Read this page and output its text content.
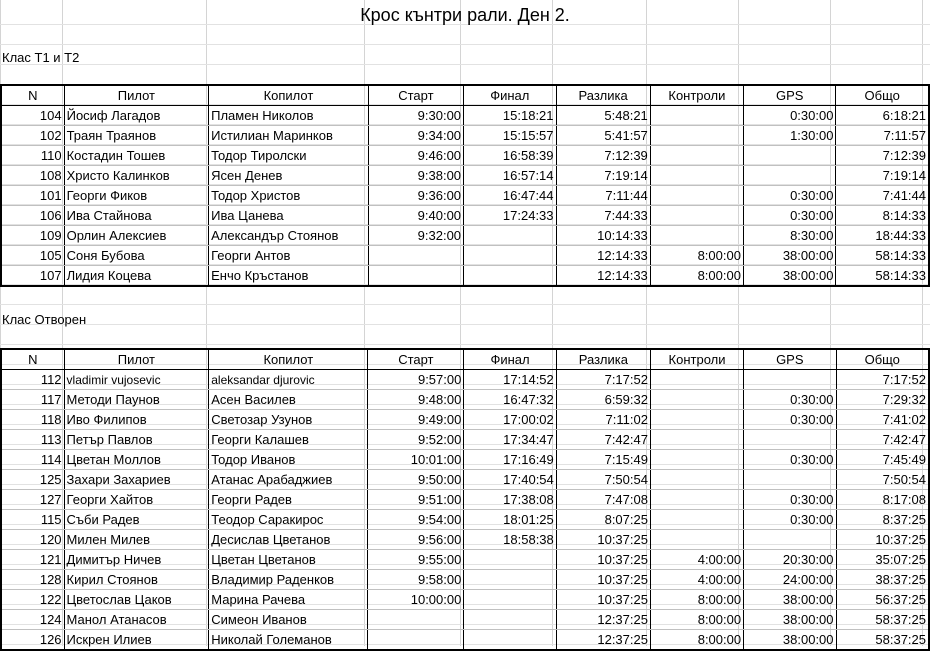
Крос кънтри рали. Ден 2.
Клас Т1 и Т2
N	Пилот	Копилот	Старт	Финал	Разлика	Контроли	GPS	Общо
104	Йосиф Лагадов	Пламен Николов	9:30:00	15:18:21	5:48:21		0:30:00	6:18:21
102	Траян Траянов	Истилиан Маринков	9:34:00	15:15:57	5:41:57		1:30:00	7:11:57
110	Костадин Тошев	Тодор Тиролски	9:46:00	16:58:39	7:12:39			7:12:39
108	Христо Калинков	Ясен Денев	9:38:00	16:57:14	7:19:14			7:19:14
101	Георги Фиков	Тодор Христов	9:36:00	16:47:44	7:11:44		0:30:00	7:41:44
106	Ива Стайнова	Ива Цанева	9:40:00	17:24:33	7:44:33		0:30:00	8:14:33
109	Орлин Алексиев	Александър Стоянов	9:32:00		10:14:33		8:30:00	18:44:33
105	Соня Бубова	Георги Антов			12:14:33	8:00:00	38:00:00	58:14:33
107	Лидия Коцева	Енчо Кръстанов			12:14:33	8:00:00	38:00:00	58:14:33
Клас Отворен
N	Пилот	Копилот	Старт	Финал	Разлика	Контроли	GPS	Общо
112	vladimir vujosevic	aleksandar djurovic	9:57:00	17:14:52	7:17:52			7:17:52
117	Методи Паунов	Асен Василев	9:48:00	16:47:32	6:59:32		0:30:00	7:29:32
118	Иво Филипов	Светозар Узунов	9:49:00	17:00:02	7:11:02		0:30:00	7:41:02
113	Петър Павлов	Георги Калашев	9:52:00	17:34:47	7:42:47			7:42:47
114	Цветан Моллов	Тодор Иванов	10:01:00	17:16:49	7:15:49		0:30:00	7:45:49
125	Захари Захариев	Атанас Арабаджиев	9:50:00	17:40:54	7:50:54			7:50:54
127	Георги Хайтов	Георги Радев	9:51:00	17:38:08	7:47:08		0:30:00	8:17:08
115	Съби Радев	Теодор Саракирос	9:54:00	18:01:25	8:07:25		0:30:00	8:37:25
120	Милен Милев	Десислав Цветанов	9:56:00	18:58:38	10:37:25			10:37:25
121	Димитър Ничев	Цветан Цветанов	9:55:00		10:37:25	4:00:00	20:30:00	35:07:25
128	Кирил Стоянов	Владимир Раденков	9:58:00		10:37:25	4:00:00	24:00:00	38:37:25
122	Цветослав Цаков	Марина Рачева	10:00:00		10:37:25	8:00:00	38:00:00	56:37:25
124	Манол Атанасов	Симеон Иванов			12:37:25	8:00:00	38:00:00	58:37:25
126	Искрен Илиев	Николай Големанов			12:37:25	8:00:00	38:00:00	58:37:25
